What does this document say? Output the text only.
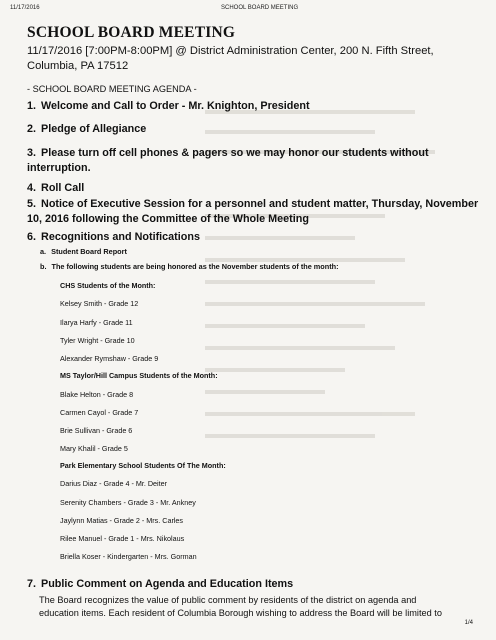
11/17/2016	SCHOOL BOARD MEETING
SCHOOL BOARD MEETING
11/17/2016 [7:00PM-8:00PM] @ District Administration Center, 200 N. Fifth Street,
Columbia, PA 17512
- SCHOOL BOARD MEETING AGENDA -
1. Welcome and Call to Order - Mr. Knighton, President
2. Pledge of Allegiance
3. Please turn off cell phones & pagers so we may honor our students without
interruption.
4. Roll Call
5. Notice of Executive Session for a personnel and student matter, Thursday, November
10, 2016 following the Committee of the Whole Meeting
6. Recognitions and Notifications
a. Student Board Report
b. The following students are being honored as the November students of the month:
CHS Students of the Month:
Kelsey Smith - Grade 12
Ilarya Harfy - Grade 11
Tyler Wright - Grade 10
Alexander Rymshaw - Grade 9
MS Taylor/Hill Campus Students of the Month:
Blake Helton - Grade 8
Carmen Cayol - Grade 7
Brie Sullivan - Grade 6
Mary Khalil - Grade 5
Park Elementary School Students Of The Month:
Darius Diaz - Grade 4 - Mr. Deiter
Serenity Chambers - Grade 3 - Mr. Ankney
Jaylynn Matias - Grade 2 - Mrs. Carles
Rilee Manuel - Grade 1 - Mrs. Nikolaus
Briella Koser - Kindergarten - Mrs. Gorman
7. Public Comment on Agenda and Education Items
The Board recognizes the value of public comment by residents of the district on agenda and
education items. Each resident of Columbia Borough wishing to address the Board will be limited to
1/4
